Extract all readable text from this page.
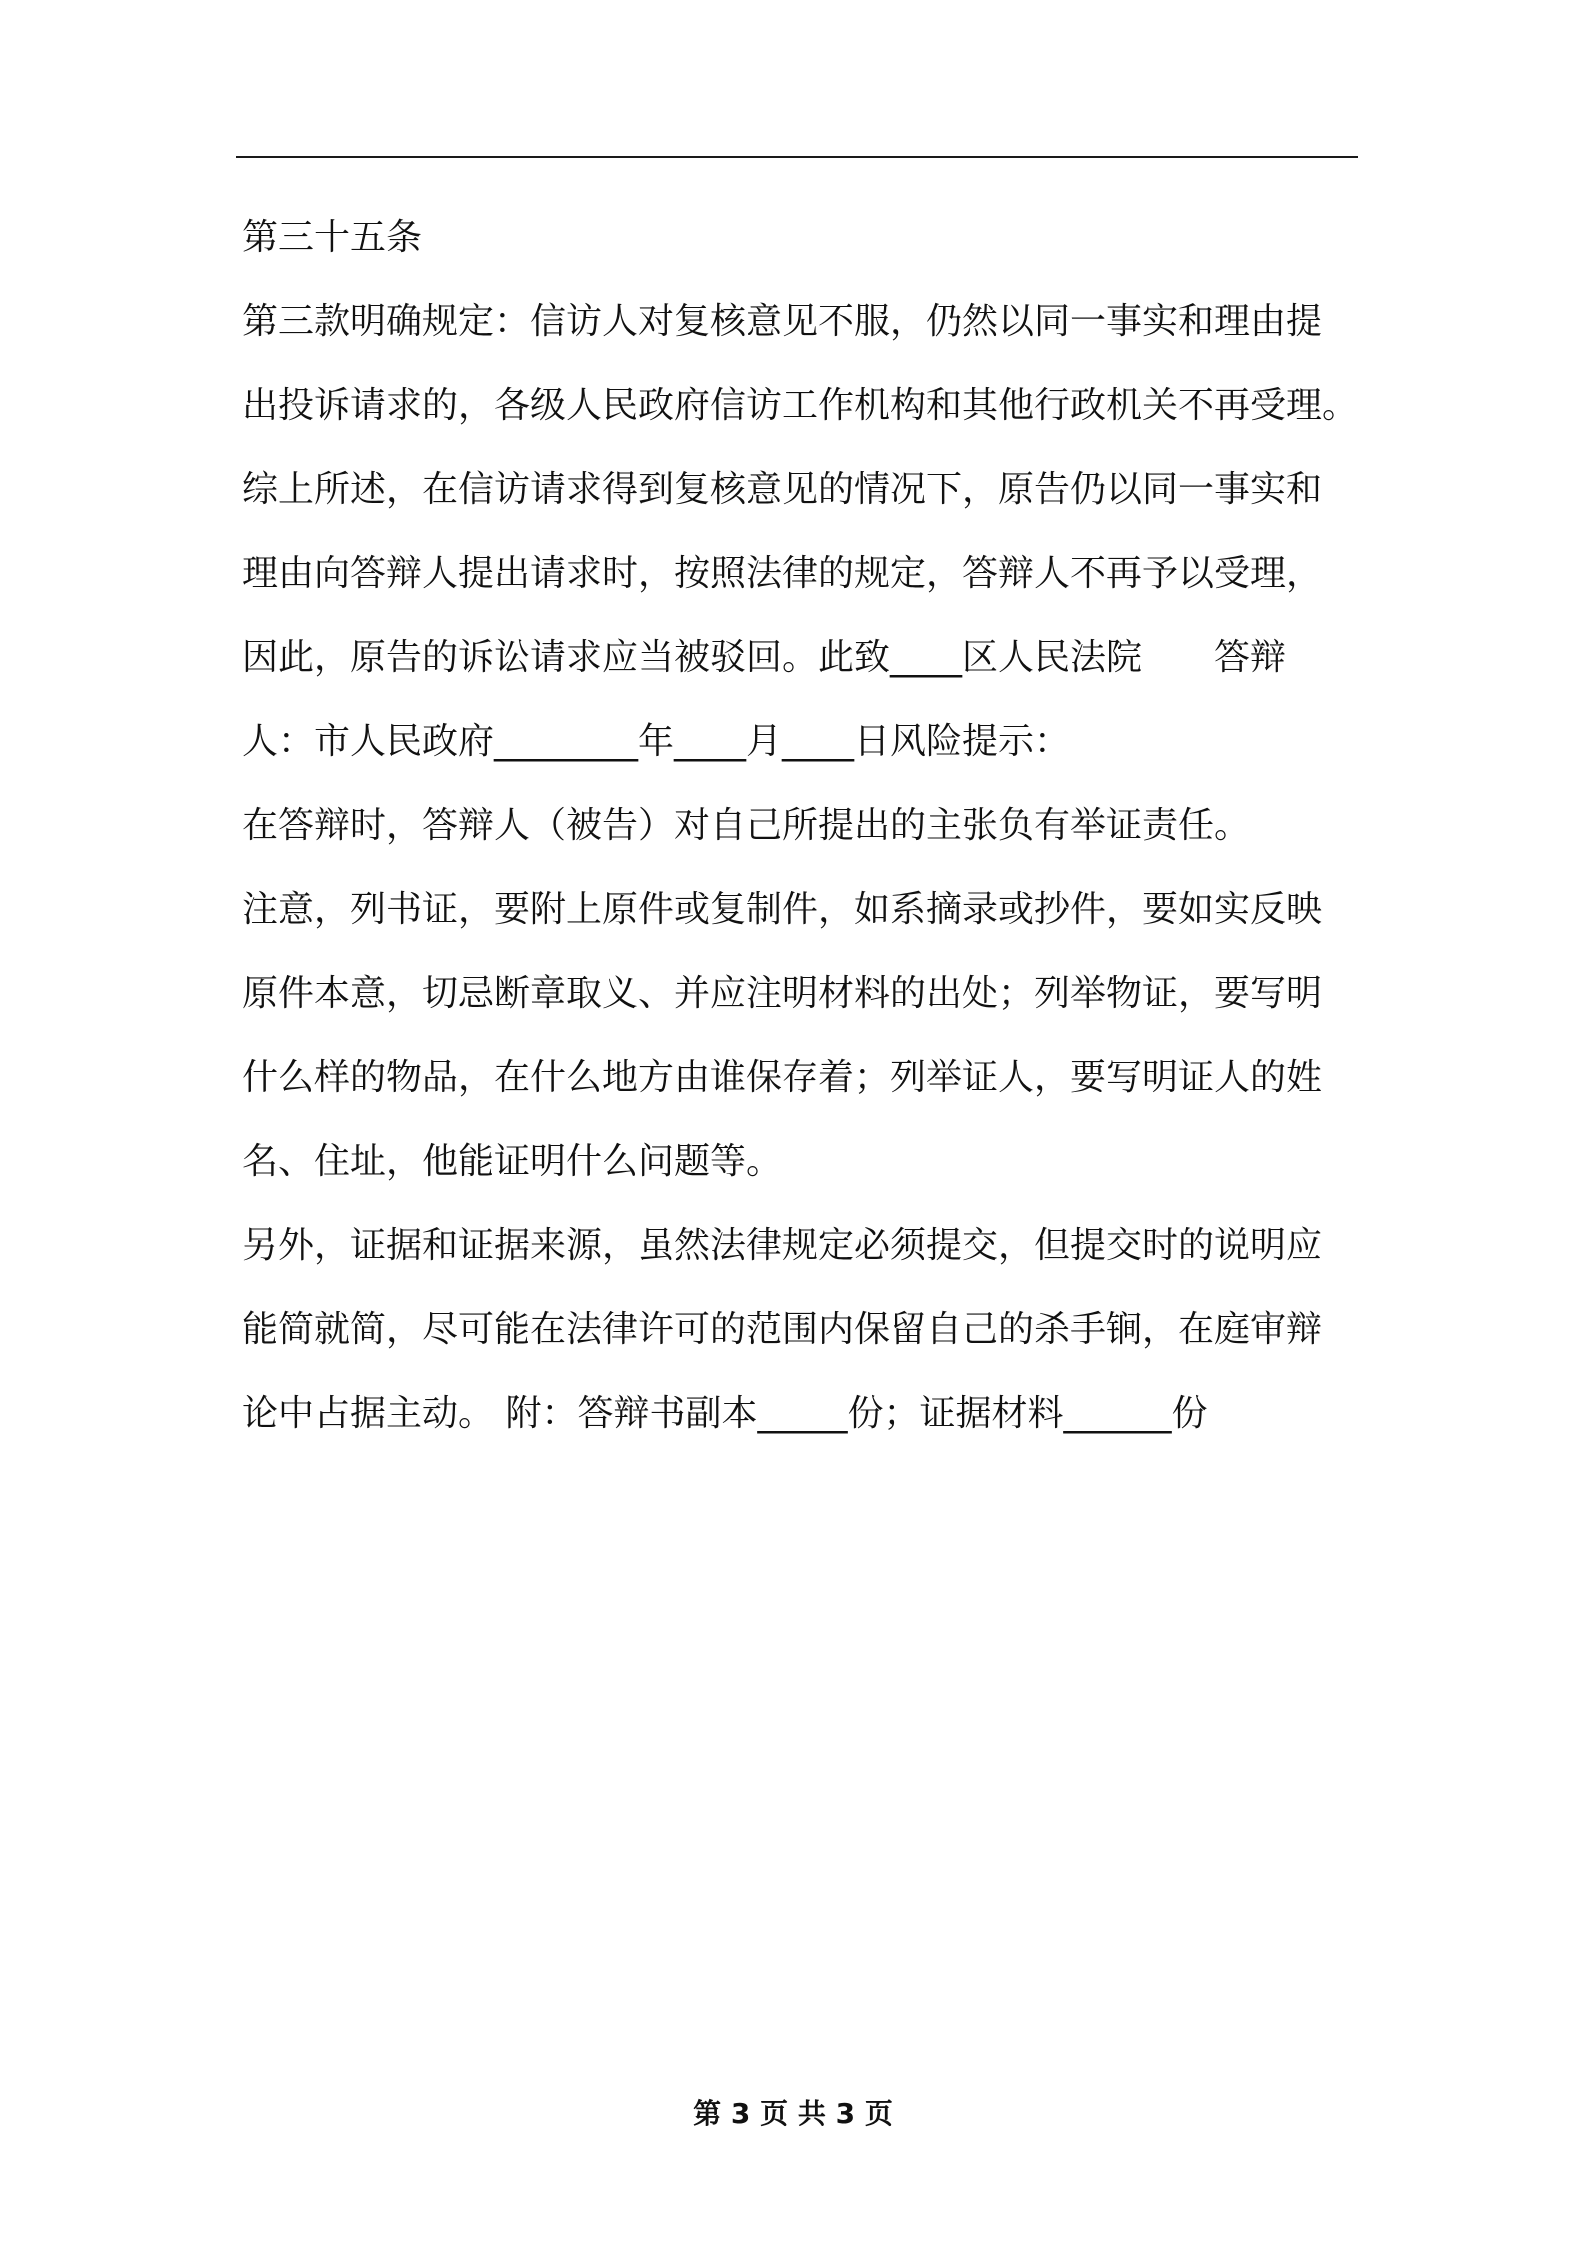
第三十五条
第三款明确规定：信访人对复核意见不服，仍然以同一事实和理由提
出投诉请求的，各级人民政府信访工作机构和其他行政机关不再受理。
综上所述，在信访请求得到复核意见的情况下，原告仍以同一事实和
理由向答辩人提出请求时，按照法律的规定，答辩人不再予以受理，
因此，原告的诉讼请求应当被驳回。此致____区人民法院　　答辩
人：市人民政府________年____月____日风险提示：
在答辩时，答辩人（被告）对自己所提出的主张负有举证责任。
注意，列书证，要附上原件或复制件，如系摘录或抄件，要如实反映
原件本意，切忌断章取义、并应注明材料的出处；列举物证，要写明
什么样的物品，在什么地方由谁保存着；列举证人，要写明证人的姓
名、住址，他能证明什么问题等。
另外，证据和证据来源，虽然法律规定必须提交，但提交时的说明应
能简就简，尽可能在法律许可的范围内保留自己的杀手锏，在庭审辩
论中占据主动。 附：答辩书副本_____份；证据材料______份
第 3 页 共 3 页
